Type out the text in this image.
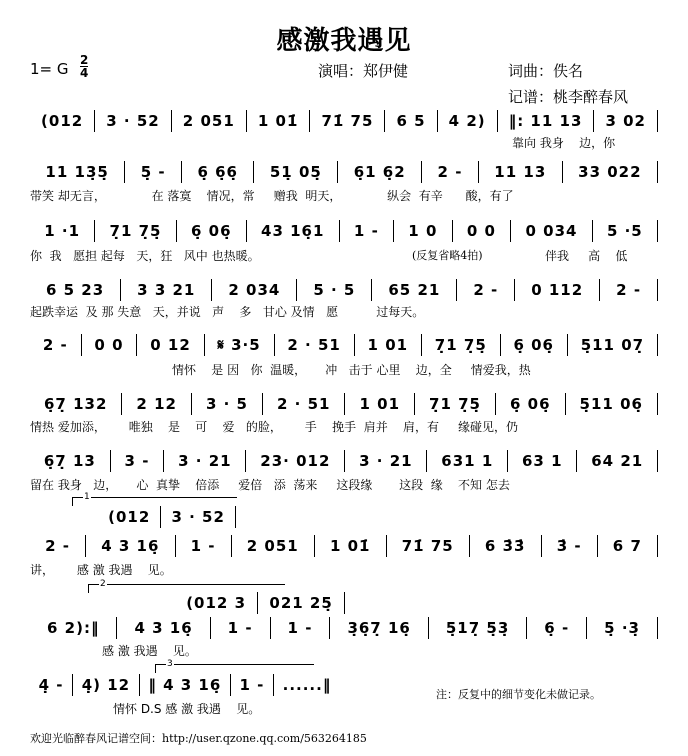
感激我遇见
1= G 2
4	演唱：郑伊健	词曲：佚名
记谱：桃李醉春风
(012	3 · 52	2 051	1 01̇	71̇ 75	6 5	4 2)	‖: 11 13	3 02
靠向 我身    边，你
11 13̣5̣	5̣ -	6̣ 6̣6̣	51̣ 05̣	6̣1 6̣2	2 -	11 13	33 022
带笑 却无言，            在 落寞    情况，常     赠我  明天，            纵会  有辛      酸，有了
1 ·1	7̣1 7̣5̣	6̣ 06̣	43 16̣1	1 -	1 0	0 0	0 034	5 ·5
你  我   愿担 起每   天，狂   风中 也热暖。	伴我     高    低
(反复省略4拍)
6 5 23	3 3 21	2 034	5 · 5	65 21	2 -	0 112	2 -
起跌幸运  及 那 失意   天，并说   声    多   甘心 及情   愿          过每天。
2 -	0 0	0 12	𝄋 3·5	2 · 51	1 01	7̣1 7̣5̣	6̣ 06̣	5̣11 07̣
情怀    是 因   你  温暖，     冲   击于 心里    边，全     情爱我，热
6̣7̣ 132	2 12	3 · 5	2 · 51	1 01	7̣1 7̣5̣	6̣ 06̣	5̣11 06̣
情热 爱加添，      唯独    是    可    爱   的脸，      手    挽手  肩并    肩，有     缘碰见，仍
6̣7̣ 13	3 -	3 · 21	23· 012	3 · 21	631 1	63 1	64 21
留在 我身   边，     心  真挚    倍添     爱倍   添  荡来     这段缘       这段  缘    不知 怎去
2 -	4 3 16̣	1 -	2 051	1 01̇	71̇ 75	6 3̇3̇	3̇ -	6 7
讲，      感 激 我遇    见。
1
(012	3 · 52
6 2):‖	4 3 16̣	1 -	1 -	3̣6̣7̣ 16̣	5̣17̣ 5̣3̣	6̣ -	5̣ ·3̣
感 激 我遇    见。
2
(012 3	021 25̣
4̣ -	4̣) 12	‖ 4 3 16̣	1 -	......‖
情怀 D.S 感 激 我遇    见。
注：反复中的细节变化未做记录。
3
欢迎光临醉春风记谱空间：http://user.qzone.qq.com/563264185
